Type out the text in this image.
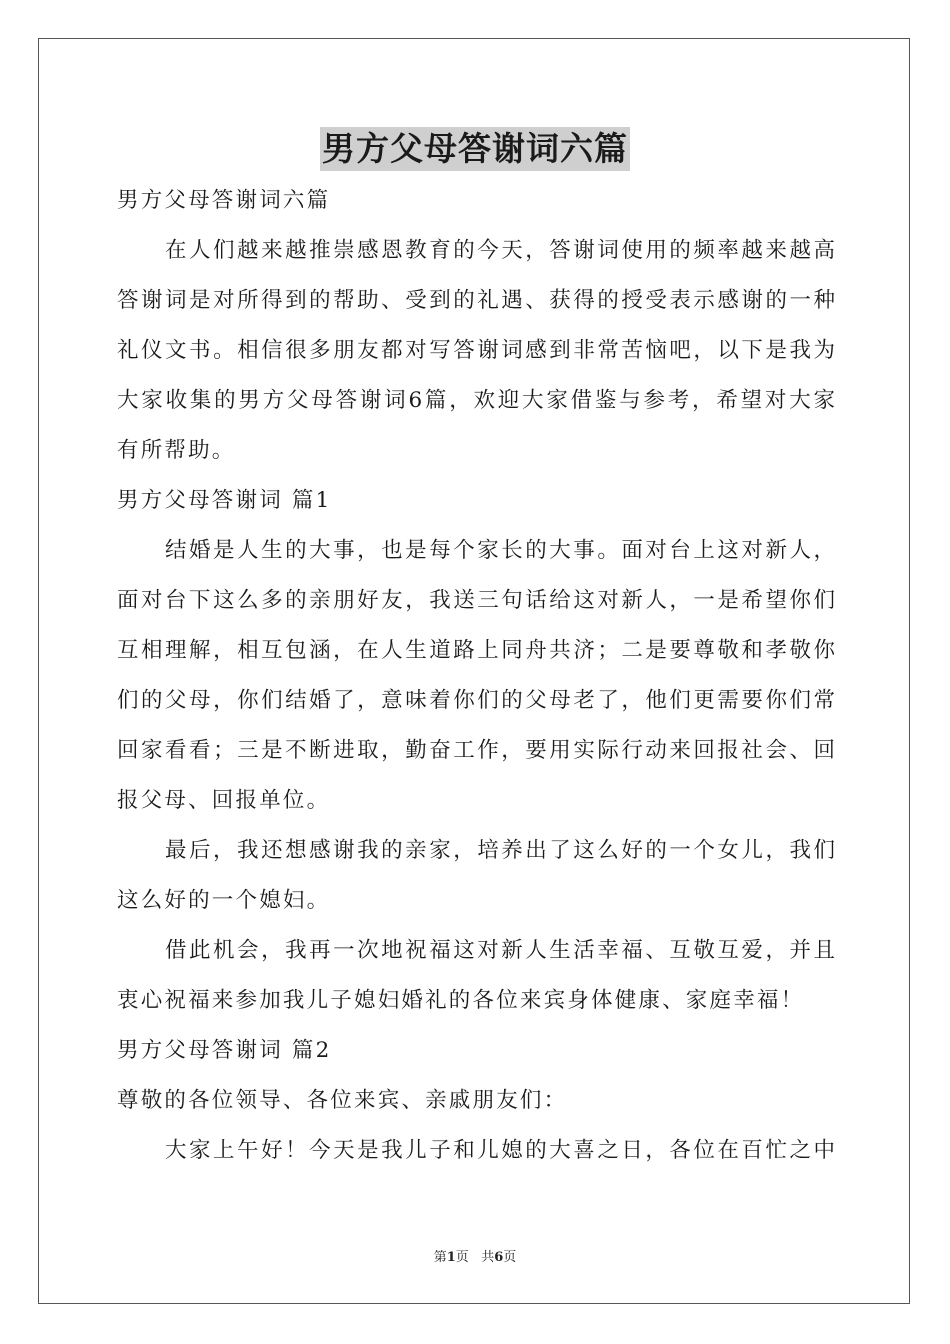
男方父母答谢词六篇
男方父母答谢词六篇
在人们越来越推崇感恩教育的今天，答谢词使用的频率越来越高
答谢词是对所得到的帮助、受到的礼遇、获得的授受表示感谢的一种
礼仪文书。相信很多朋友都对写答谢词感到非常苦恼吧，以下是我为
大家收集的男方父母答谢词6篇，欢迎大家借鉴与参考，希望对大家
有所帮助。
男方父母答谢词 篇1
结婚是人生的大事，也是每个家长的大事。面对台上这对新人，
面对台下这么多的亲朋好友，我送三句话给这对新人，一是希望你们
互相理解，相互包涵，在人生道路上同舟共济；二是要尊敬和孝敬你
们的父母，你们结婚了，意味着你们的父母老了，他们更需要你们常
回家看看；三是不断进取，勤奋工作，要用实际行动来回报社会、回
报父母、回报单位。
最后，我还想感谢我的亲家，培养出了这么好的一个女儿，我们
这么好的一个媳妇。
借此机会，我再一次地祝福这对新人生活幸福、互敬互爱，并且
衷心祝福来参加我儿子媳妇婚礼的各位来宾身体健康、家庭幸福！
男方父母答谢词 篇2
尊敬的各位领导、各位来宾、亲戚朋友们：
大家上午好！今天是我儿子和儿媳的大喜之日，各位在百忙之中
第1页 共6页
